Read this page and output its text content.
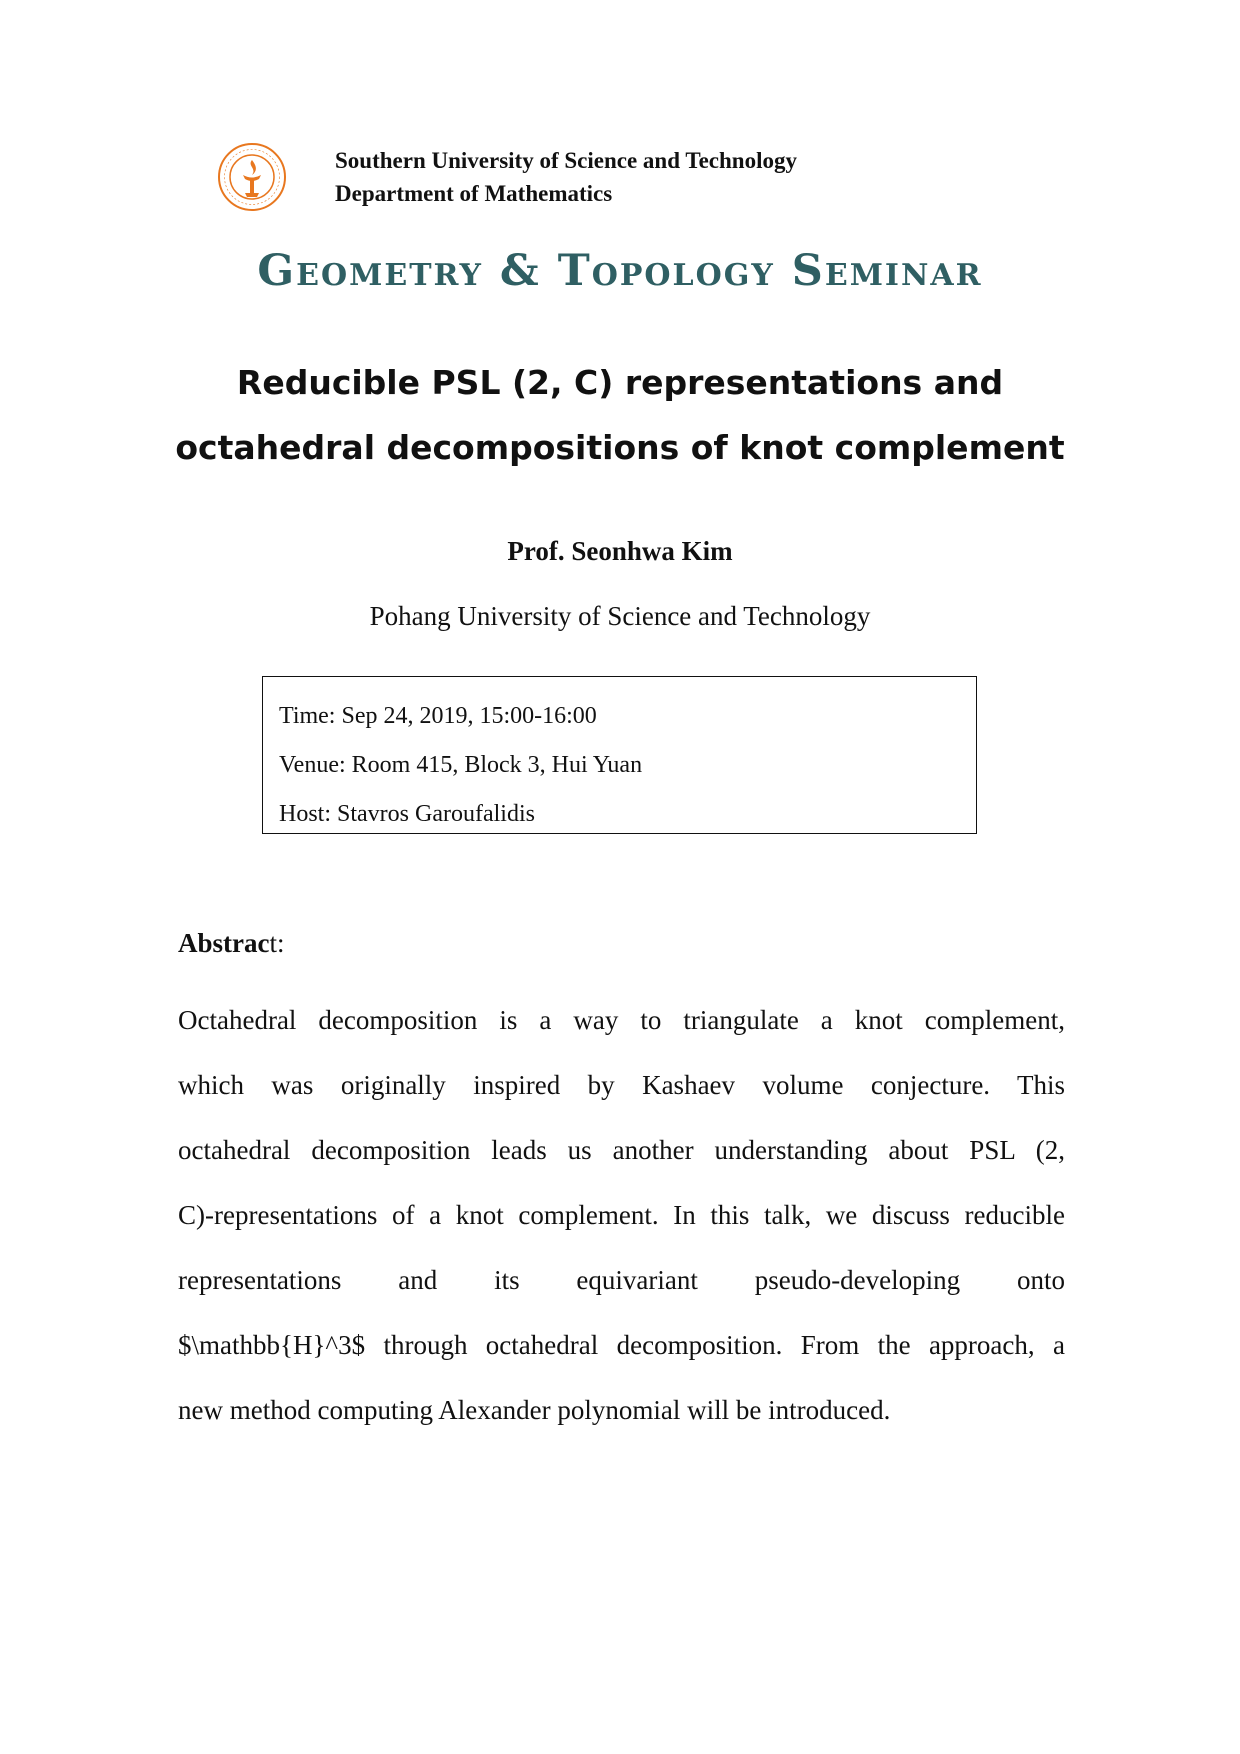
Southern University of Science and Technology
Department of Mathematics
Geometry & Topology Seminar
Reducible PSL (2, C) representations and
octahedral decompositions of knot complement
Prof. Seonhwa Kim
Pohang University of Science and Technology
Time: Sep 24, 2019, 15:00-16:00
Venue: Room 415, Block 3, Hui Yuan
Host: Stavros Garoufalidis
Abstract:
Octahedral decomposition is a way to triangulate a knot complement,
which was originally inspired by Kashaev volume conjecture. This
octahedral decomposition leads us another understanding about PSL (2,
C)-representations of a knot complement. In this talk, we discuss reducible
representations and its equivariant pseudo-developing onto
$\mathbb{H}^3$ through octahedral decomposition. From the approach, a
new method computing Alexander polynomial will be introduced.
